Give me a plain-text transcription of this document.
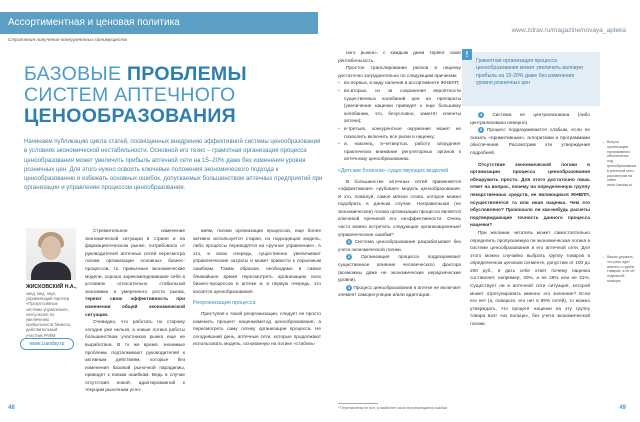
Ассортиментная и ценовая политика
www.zdrav.ru/magazine/novaya_apteka
Стратегия получения конкурентных преимуществ
БАЗОВЫЕ ПРОБЛЕМЫ
СИСТЕМ АПТЕЧНОГО
ЦЕНООБРАЗОВАНИЯ
Начинаем публикацию цикла статей, посвященных внедрению эффективной системы ценообразования в условиях экономической нестабильности. Основной его тезис – грамотная организация процесса ценообразования может увеличить прибыль аптечной сети на 15–20% даже без изменения уровня розничных цен. Для этого нужно освоить ключевые положения экономического подхода к ценообразованию и избежать основных ошибок, допускаемых большинством аптечных предприятий при организации и управлении процессом ценообразования.
ЖИСКОВСКИЙ Н.А.,
канд. мед. наук, управляющий партнер «Прогрессивные системы управления», консультант по увеличению прибыльности бизнеса, действительный участник РАФМ
www.Lianday.ru

Стремительное изменение экономической ситуации в стране и на фармацевтическом рынке, потребовало от руководителей аптечных сетей пересмотра логики организации основных бизнес-процессов, т.к. привычные экономические модели, хорошо зарекомендовавшие себя в условиях относительно стабильной экономики и умеренного роста рынка, теряют свою эффективность при изменении общей экономической ситуации.

Очевидно, что работать по старому сегодня уже нельзя, а новые логика работы большинством участников рынка еще не выработана. В то же время, значимые проблемы подталкивают руководителей к активным действиям, которые без изменения базовой рыночной парадигмы, приводят к новым ошибкам. Ведь в случае отсутствия новой, адаптированной к текущим рыночным усло-

виям, логики организации процессов, еще более активно используется старая, но подходящая модель, либо процессы переводятся на «ручное управление». А это, в свою очередь, существенно увеличивает управленческие затраты и может привести к серьезным ошибкам. Таким образом, необходимо в самое ближайшее время пересмотреть организацию всех бизнес-процессов в аптеке и, в первую очередь, это касается ценообразования.

Реорганизация процесса

Приступая к такой реорганизации, следует не просто изменить процент наценки/метод ценообразования, а пересмотреть саму логику организации процесса. Не сегодняшний день, аптечные сети, которые продолжают использовать модель, основанную на логике «стабиль-

ного рынка», с каждым днем теряют свою рентабельность.

Простое транслирование рисков в наценку достаточно затруднительно по следующим причинам:

• во-первых, в виду наличия в ассортименте ЖНВЛП;
• во-вторых, из за сохранения вероятности существенных колебаний цен на препараты (увеличение наценки приведет к еще большему колебанию, что, безусловно, заметят клиенты аптеки);
• в-третьих, конкурентное окружение может не позволить включить все риски в наценку;
• и, наконец, в-четвертых, работу затрудняет практически внимание регуляторных органов к аптечному ценообразованию.
«Детские болезни» существующих моделей

В большинстве аптечных сетей применяется «эффективная» «рубовая» модель ценообразования. И это, пожалуй, самое мягкое слово, которое можно подобрать в данном случае. Неправильная (не экономическая) логика организации процесса является ключевой причиной его неэффективности. Очень часто можно встретить следующие организационные/управленческие ошибки*:

1 Система ценообразования разрабатывает без учета экономической логики.

2 Организация процесса подразумевает существенное влияние человеческого фактора (возможны даже не экономические иерархические уровни).

3 Процесс ценообразования в аптеке не включает элемент саморегуляции и/или адаптации.

Грамотная организация процесса ценообразования может увеличить валовую прибыль на 15-20% даже без изменения уровня розничных цен
!

4 Система не централизована (либо централизовано неверно).

5 Процесс подразумевается слабым, если не сказать «примитивным», алгоритмам и программами обеспечения. Рассмотрим эти утверждения подробней.

Отсутствие экономической логики в организации процесса ценообразования обнаружить просто. Для этого достаточно лишь ответ на вопрос, почему на определенную группу лекарственных средств, не являющихся ЖНВЛП, осуществляется та или иная наценка. Чем это обусловлено? Произошло ли как-нибудь расчеты подтверждающие точность данного процесса наценки?

При желании читатель может самостоятельно определить пропускаемую пи экономическая логика в системе ценообразования в его аптечной сети. Для этого можно случайно выбрать группу товаров в определенном ценовом сегменте, допустим от 100 до 200 руб., и дать себе ответ почему наценка составляет, например, 30%, а не 28% или не 31%. Существует ли в аптечной сети ситуация, которой может отрегулировать именно это значение? Если его нет (а, поверьте, его нет в 99% сетей), то можно утверждать, что процент наценки на эту группу товара взят «из пальца», без учета экономической логики.

→ Вопрос организации программного обеспечения под ценообразование в аптечной сети рассмотрим на сайте www.Lianday.ru
→ Важно держать, что речь идет именно о группе товаров, а не об отдельной позиции
* Перечислены не все, а наиболее часто встречающиеся ошибки
48	49
